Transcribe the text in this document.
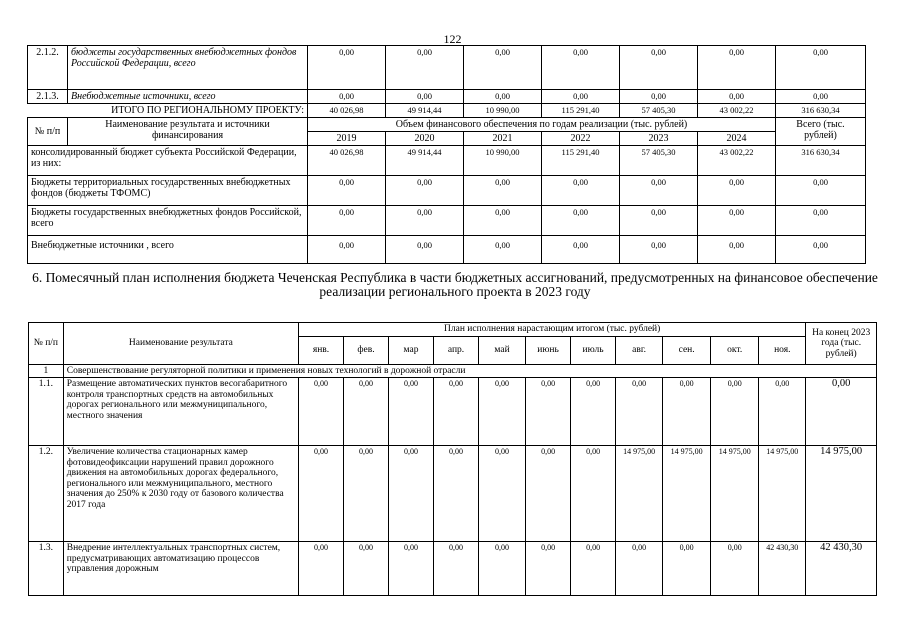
122
2.1.2.	бюджеты государственных внебюджетных фондов Российской Федерации, всего	0,00	0,00	0,00	0,00	0,00	0,00	0,00
2.1.3.	Внебюджетные источники, всего	0,00	0,00	0,00	0,00	0,00	0,00	0,00
ИТОГО ПО РЕГИОНАЛЬНОМУ ПРОЕКТУ:		40 026,98	49 914,44	10 990,00	115 291,40	57 405,30	43 002,22	316 630,34
№ п/п	Наименование результата и источники финансирования	Объем финансового обеспечения по годам реализации (тыс. рублей)						Всего (тыс. рублей)
		2019	2020	2021	2022	2023	2024	
консолидированный бюджет субъекта Российской Федерации, из них:		40 026,98	49 914,44	10 990,00	115 291,40	57 405,30	43 002,22	316 630,34
Бюджеты территориальных государственных внебюджетных фондов (бюджеты ТФОМС)		0,00	0,00	0,00	0,00	0,00	0,00	0,00
Бюджеты государственных внебюджетных фондов Российской, всего		0,00	0,00	0,00	0,00	0,00	0,00	0,00
Внебюджетные источники , всего		0,00	0,00	0,00	0,00	0,00	0,00	0,00
6. Помесячный план исполнения бюджета Чеченская Республика в части бюджетных ассигнований, предусмотренных на финансовое обеспечение реализации регионального проекта в 2023 году
№ п/п	Наименование результата	План исполнения нарастающим итогом (тыс. рублей)											На конец 2023 года (тыс. рублей)
		янв.	фев.	мар	апр.	май	июнь	июль	авг.	сен.	окт.	ноя.	
1	Совершенствование регуляторной политики и применения новых технологий в дорожной отрасли												
1.1.	Размещение автоматических пунктов весогабаритного контроля транспортных средств на автомобильных дорогах регионального или межмуниципального, местного значения	0,00	0,00	0,00	0,00	0,00	0,00	0,00	0,00	0,00	0,00	0,00	0,00
1.2.	Увеличение количества стационарных камер фотовидеофиксации нарушений правил дорожного движения на автомобильных дорогах федерального, регионального или межмуниципального, местного значения до 250% к 2030 году от базового количества 2017 года	0,00	0,00	0,00	0,00	0,00	0,00	0,00	14 975,00	14 975,00	14 975,00	14 975,00	14 975,00
1.3.	Внедрение интеллектуальных транспортных систем, предусматривающих автоматизацию процессов управления дорожным	0,00	0,00	0,00	0,00	0,00	0,00	0,00	0,00	0,00	0,00	42 430,30	42 430,30
